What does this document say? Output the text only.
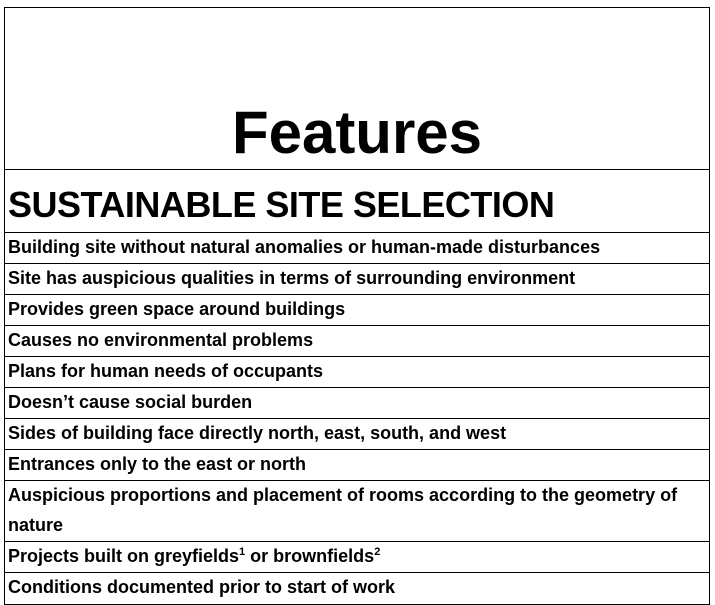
Features
SUSTAINABLE SITE SELECTION
Building site without natural anomalies or human-made disturbances
Site has auspicious qualities in terms of surrounding environment
Provides green space around buildings
Causes no environmental problems
Plans for human needs of occupants
Doesn’t cause social burden
Sides of building face directly north, east, south, and west
Entrances only to the east or north
Auspicious proportions and placement of rooms according to the geometry of nature
Projects built on greyfields$^1$ or brownfields$^2$
Conditions documented prior to start of work
